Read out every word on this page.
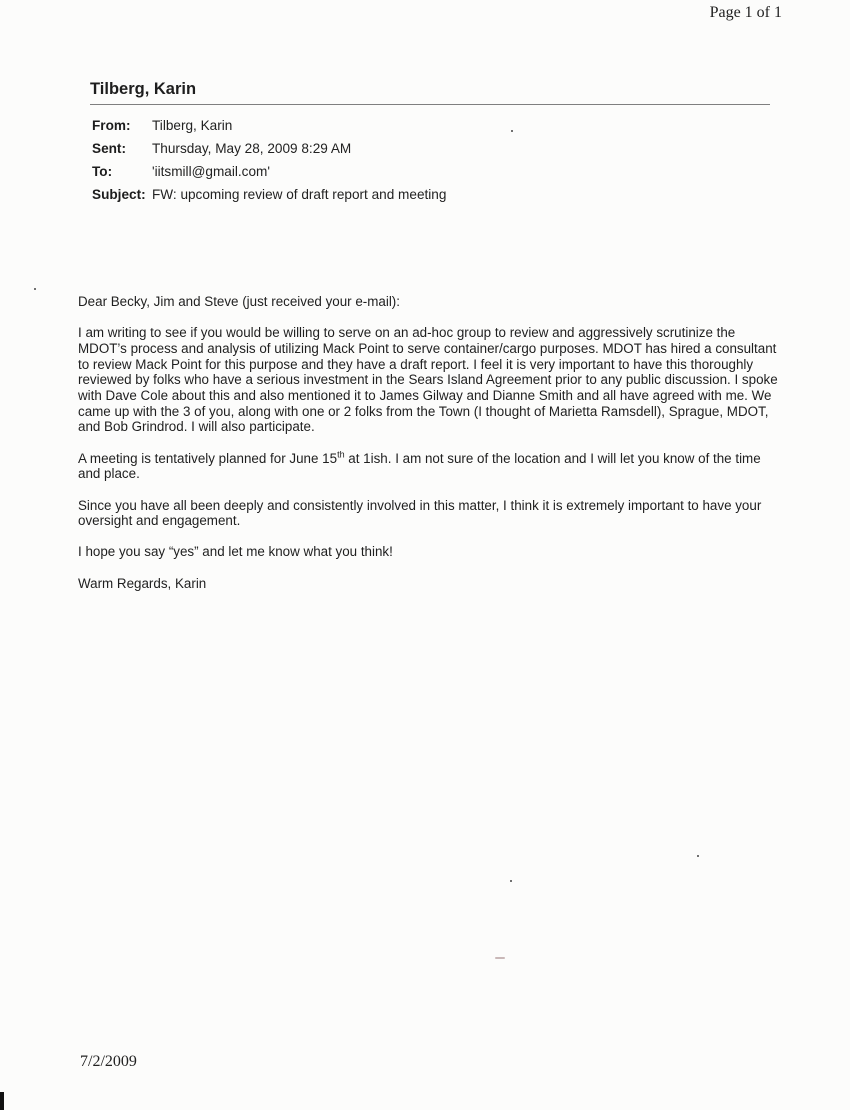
Page 1 of 1
Tilberg, Karin
From:	Tilberg, Karin
Sent:	Thursday, May 28, 2009 8:29 AM
To:	'iitsmill@gmail.com'
Subject: FW: upcoming review of draft report and meeting

Dear Becky, Jim and Steve (just received your e-mail):

I am writing to see if you would be willing to serve on an ad-hoc group to review and aggressively scrutinize the MDOT’s process and analysis of utilizing Mack Point to serve container/cargo purposes. MDOT has hired a consultant to review Mack Point for this purpose and they have a draft report. I feel it is very important to have this thoroughly reviewed by folks who have a serious investment in the Sears Island Agreement prior to any public discussion. I spoke with Dave Cole about this and also mentioned it to James Gilway and Dianne Smith and all have agreed with me. We came up with the 3 of you, along with one or 2 folks from the Town (I thought of Marietta Ramsdell), Sprague, MDOT, and Bob Grindrod. I will also participate.

A meeting is tentatively planned for June 15th at 1ish. I am not sure of the location and I will let you know of the time and place.

Since you have all been deeply and consistently involved in this matter, I think it is extremely important to have your oversight and engagement.

I hope you say “yes” and let me know what you think!

Warm Regards, Karin

7/2/2009
